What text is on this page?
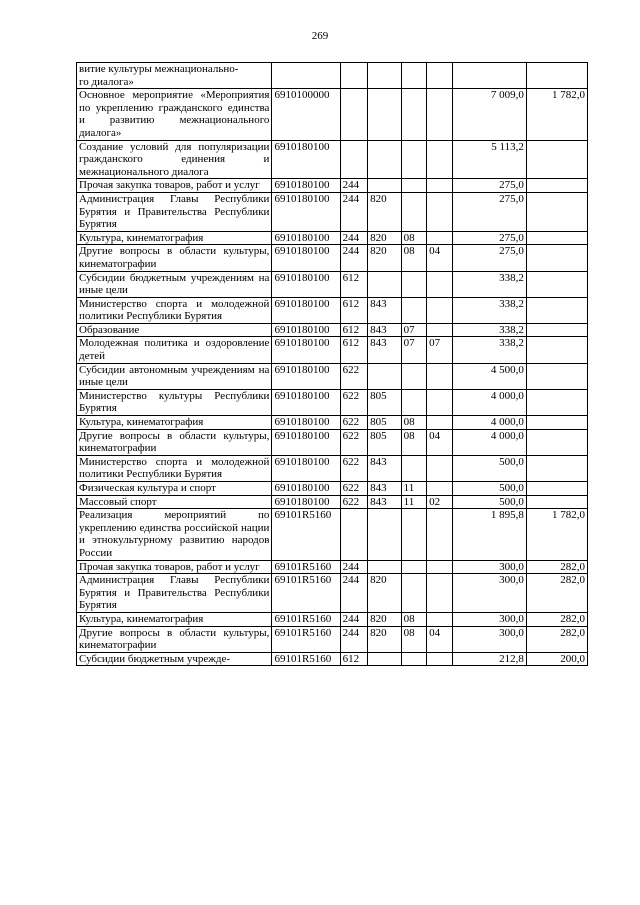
269
витие культуры межнационально-
го диалога»							
Основное мероприятие «Мероприятия по укреплению гражданского единства и развитию межнационального диалога»	6910100000					7 009,0	1 782,0
Создание условий для популяризации гражданского единения и межнационального диалога	6910180100					5 113,2	
Прочая закупка товаров, работ и услуг	6910180100	244				275,0	
Администрация Главы Республики Бурятия и Правительства Республики Бурятия	6910180100	244	820			275,0	
Культура, кинематография	6910180100	244	820	08		275,0	
Другие вопросы в области культуры, кинематографии	6910180100	244	820	08	04	275,0	
Субсидии бюджетным учреждениям на иные цели	6910180100	612				338,2	
Министерство спорта и молодежной политики Республики Бурятия	6910180100	612	843			338,2	
Образование	6910180100	612	843	07		338,2	
Молодежная политика и оздоровление детей	6910180100	612	843	07	07	338,2	
Субсидии автономным учреждениям на иные цели	6910180100	622				4 500,0	
Министерство культуры Республики Бурятия	6910180100	622	805			4 000,0	
Культура, кинематография	6910180100	622	805	08		4 000,0	
Другие вопросы в области культуры, кинематографии	6910180100	622	805	08	04	4 000,0	
Министерство спорта и молодежной политики Республики Бурятия	6910180100	622	843			500,0	
Физическая культура и спорт	6910180100	622	843	11		500,0	
Массовый спорт	6910180100	622	843	11	02	500,0	
Реализация мероприятий по укреплению единства российской нации и этнокультурному развитию народов России	69101R5160					1 895,8	1 782,0
Прочая закупка товаров, работ и услуг	69101R5160	244				300,0	282,0
Администрация Главы Республики Бурятия и Правительства Республики Бурятия	69101R5160	244	820			300,0	282,0
Культура, кинематография	69101R5160	244	820	08		300,0	282,0
Другие вопросы в области культуры, кинематографии	69101R5160	244	820	08	04	300,0	282,0
Субсидии бюджетным учрежде-	69101R5160	612				212,8	200,0
